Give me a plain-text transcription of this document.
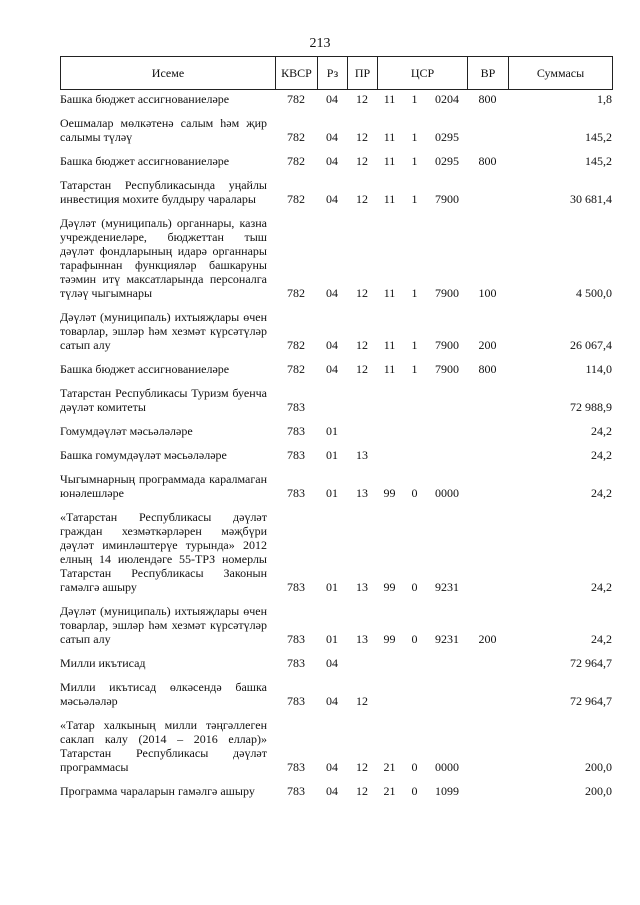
213
Исеме	КВСР	Рз	ПР	ЦСР	ВР	Суммасы
Башка бюджет ассигнованиеләре	782	04	12	11	1	0204	800	1,8
Оешмалар мөлкәтенә салым һәм җир салымы түләү	782	04	12	11	1	0295		145,2
Башка бюджет ассигнованиеләре	782	04	12	11	1	0295	800	145,2
Татарстан Республикасында уңайлы инвестиция мохите булдыру чаралары	782	04	12	11	1	7900		30 681,4
Дәүләт (муниципаль) органнары, казна учреждениеләре, бюджеттан тыш дәүләт фондларының идарә органнары тарафыннан функцияләр башкаруны тәэмин итү максатларында персоналга түләү чыгымнары	782	04	12	11	1	7900	100	4 500,0
Дәүләт (муниципаль) ихтыяҗлары өчен товарлар, эшләр һәм хезмәт күрсәтүләр сатып алу	782	04	12	11	1	7900	200	26 067,4
Башка бюджет ассигнованиеләре	782	04	12	11	1	7900	800	114,0
Татарстан Республикасы Туризм буенча дәүләт комитеты	783							72 988,9
Гомумдәүләт мәсьәләләре	783	01						24,2
Башка гомумдәүләт мәсьәләләре	783	01	13					24,2
Чыгымнарның программада каралмаган юнәлешләре	783	01	13	99	0	0000		24,2
«Татарстан Республикасы дәүләт граждан хезмәткәрләрен мәҗбүри дәүләт иминләштерүе турында» 2012 елның 14 июлендәге 55-ТРЗ номерлы Татарстан Республикасы Законын гамәлгә ашыру	783	01	13	99	0	9231		24,2
Дәүләт (муниципаль) ихтыяҗлары өчен товарлар, эшләр һәм хезмәт күрсәтүләр сатып алу	783	01	13	99	0	9231	200	24,2
Милли икътисад	783	04						72 964,7
Милли икътисад өлкәсендә башка мәсьәләләр	783	04	12					72 964,7
«Татар халкының милли тәңгәллеген саклап калу (2014 – 2016 еллар)» Татарстан Республикасы дәүләт программасы	783	04	12	21	0	0000		200,0
Программа чараларын гамәлгә ашыру	783	04	12	21	0	1099		200,0
